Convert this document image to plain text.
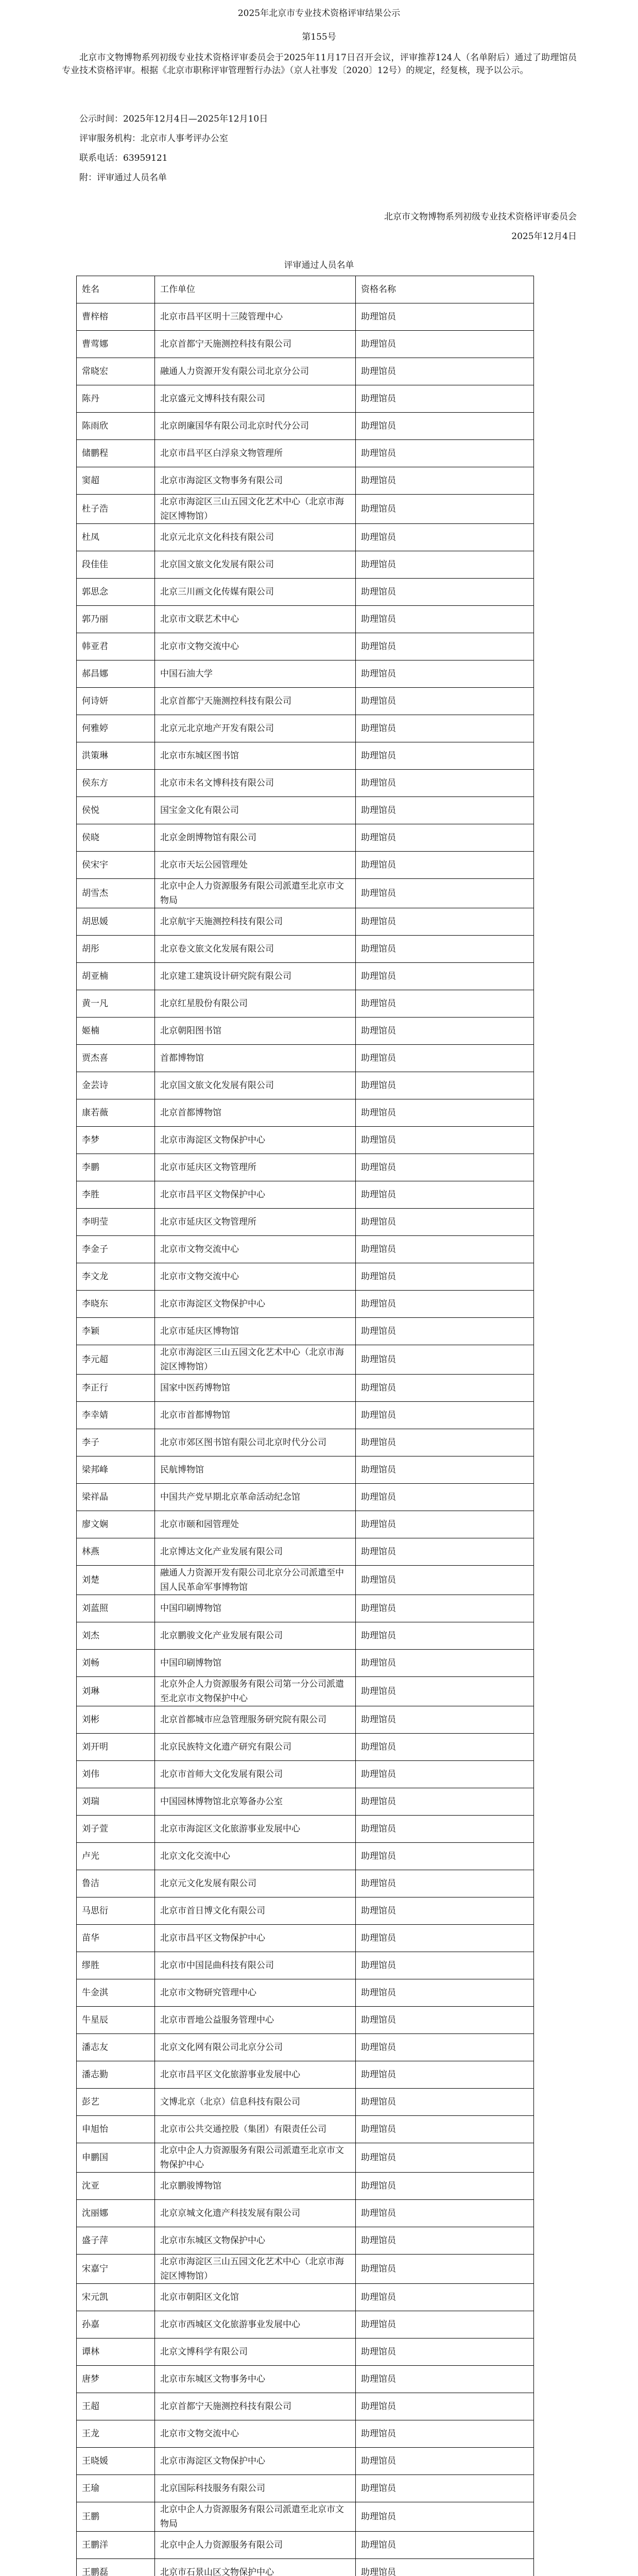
2025年北京市专业技术资格评审结果公示
第155号

北京市文物博物系列初级专业技术资格评审委员会于2025年11月17日召开会议，评审推荐124人（名单附后）通过了助理馆员专业技术资格评审。根据《北京市职称评审管理暂行办法》（京人社事发〔2020〕12号）的规定，经复核，现予以公示。

公示时间：2025年12月4日—2025年12月10日

评审服务机构：北京市人事考评办公室

联系电话：63959121

附：评审通过人员名单

北京市文物博物系列初级专业技术资格评审委员会

2025年12月4日

评审通过人员名单
姓名	工作单位	资格名称
曹梓榕	北京市昌平区明十三陵管理中心	助理馆员
曹莺娜	北京首都宁天施测控科技有限公司	助理馆员
常晓宏	融通人力资源开发有限公司北京分公司	助理馆员
陈丹	北京盛元文博科技有限公司	助理馆员
陈雨欣	北京朗廉国华有限公司北京时代分公司	助理馆员
储鹏程	北京市昌平区白浮泉文物管理所	助理馆员
窦超	北京市海淀区文物事务有限公司	助理馆员
杜子浩	北京市海淀区三山五园文化艺术中心（北京市海淀区博物馆）	助理馆员
杜凤	北京元北京文化科技有限公司	助理馆员
段佳佳	北京国文旅文化发展有限公司	助理馆员
郭思念	北京三川画文化传媒有限公司	助理馆员
郭乃丽	北京市文联艺术中心	助理馆员
韩亚君	北京市文物交流中心	助理馆员
郝昌娜	中国石油大学	助理馆员
何诗妍	北京首都宁天施测控科技有限公司	助理馆员
何雅婷	北京元北京地产开发有限公司	助理馆员
洪策琳	北京市东城区图书馆	助理馆员
侯东方	北京市未名文博科技有限公司	助理馆员
侯悦	国宝金文化有限公司	助理馆员
侯晓	北京金朗博物馆有限公司	助理馆员
侯宋宇	北京市天坛公园管理处	助理馆员
胡雪杰	北京中企人力资源服务有限公司派遣至北京市文物局	助理馆员
胡思媛	北京航宇天施测控科技有限公司	助理馆员
胡彤	北京卷文旅文化发展有限公司	助理馆员
胡亚楠	北京建工建筑设计研究院有限公司	助理馆员
黄一凡	北京红星股份有限公司	助理馆员
姬楠	北京朝阳图书馆	助理馆员
贾杰喜	首都博物馆	助理馆员
金芸诗	北京国文旅文化发展有限公司	助理馆员
康若薇	北京首都博物馆	助理馆员
李梦	北京市海淀区文物保护中心	助理馆员
李鹏	北京市延庆区文物管理所	助理馆员
李胜	北京市昌平区文物保护中心	助理馆员
李明莹	北京市延庆区文物管理所	助理馆员
李金子	北京市文物交流中心	助理馆员
李文龙	北京市文物交流中心	助理馆员
李晓东	北京市海淀区文物保护中心	助理馆员
李颖	北京市延庆区博物馆	助理馆员
李元超	北京市海淀区三山五园文化艺术中心（北京市海淀区博物馆）	助理馆员
李正行	国家中医药博物馆	助理馆员
李幸婧	北京市首都博物馆	助理馆员
李子	北京市郊区图书馆有限公司北京时代分公司	助理馆员
梁邦峰	民航博物馆	助理馆员
梁祥晶	中国共产党早期北京革命活动纪念馆	助理馆员
廖文娴	北京市颐和园管理处	助理馆员
林燕	北京博达文化产业发展有限公司	助理馆员
刘楚	融通人力资源开发有限公司北京分公司派遣至中国人民革命军事博物馆	助理馆员
刘蓝照	中国印刷博物馆	助理馆员
刘杰	北京鹏骏文化产业发展有限公司	助理馆员
刘畅	中国印刷博物馆	助理馆员
刘琳	北京外企人力资源服务有限公司第一分公司派遣至北京市文物保护中心	助理馆员
刘彬	北京首都城市应急管理服务研究院有限公司	助理馆员
刘开明	北京民族特文化遗产研究有限公司	助理馆员
刘伟	北京市首师大文化发展有限公司	助理馆员
刘瑞	中国园林博物馆北京筹备办公室	助理馆员
刘子萱	北京市海淀区文化旅游事业发展中心	助理馆员
卢光	北京文化交流中心	助理馆员
鲁洁	北京元文化发展有限公司	助理馆员
马思衍	北京市首日博文化有限公司	助理馆员
苗华	北京市昌平区文物保护中心	助理馆员
缪胜	北京市中国昆曲科技有限公司	助理馆员
牛金淇	北京市文物研究管理中心	助理馆员
牛星辰	北京市晋地公益服务管理中心	助理馆员
潘志友	北京文化网有限公司北京分公司	助理馆员
潘志勤	北京市昌平区文化旅游事业发展中心	助理馆员
彭艺	文博北京（北京）信息科技有限公司	助理馆员
申旭怡	北京市公共交通控股（集团）有限责任公司	助理馆员
申鹏国	北京中企人力资源服务有限公司派遣至北京市文物保护中心	助理馆员
沈亚	北京鹏骏博物馆	助理馆员
沈丽娜	北京京城文化遗产科技发展有限公司	助理馆员
盛子萍	北京市东城区文物保护中心	助理馆员
宋嘉宁	北京市海淀区三山五园文化艺术中心（北京市海淀区博物馆）	助理馆员
宋元凯	北京市朝阳区文化馆	助理馆员
孙嘉	北京市西城区文化旅游事业发展中心	助理馆员
谭林	北京文博科学有限公司	助理馆员
唐梦	北京市东城区文物事务中心	助理馆员
王超	北京首都宁天施测控科技有限公司	助理馆员
王龙	北京市文物交流中心	助理馆员
王晓媛	北京市海淀区文物保护中心	助理馆员
王瑜	北京国际科技服务有限公司	助理馆员
王鹏	北京中企人力资源服务有限公司派遣至北京市文物局	助理馆员
王鹏洋	北京中企人力资源服务有限公司	助理馆员
王鹏磊	北京市石景山区文物保护中心	助理馆员
